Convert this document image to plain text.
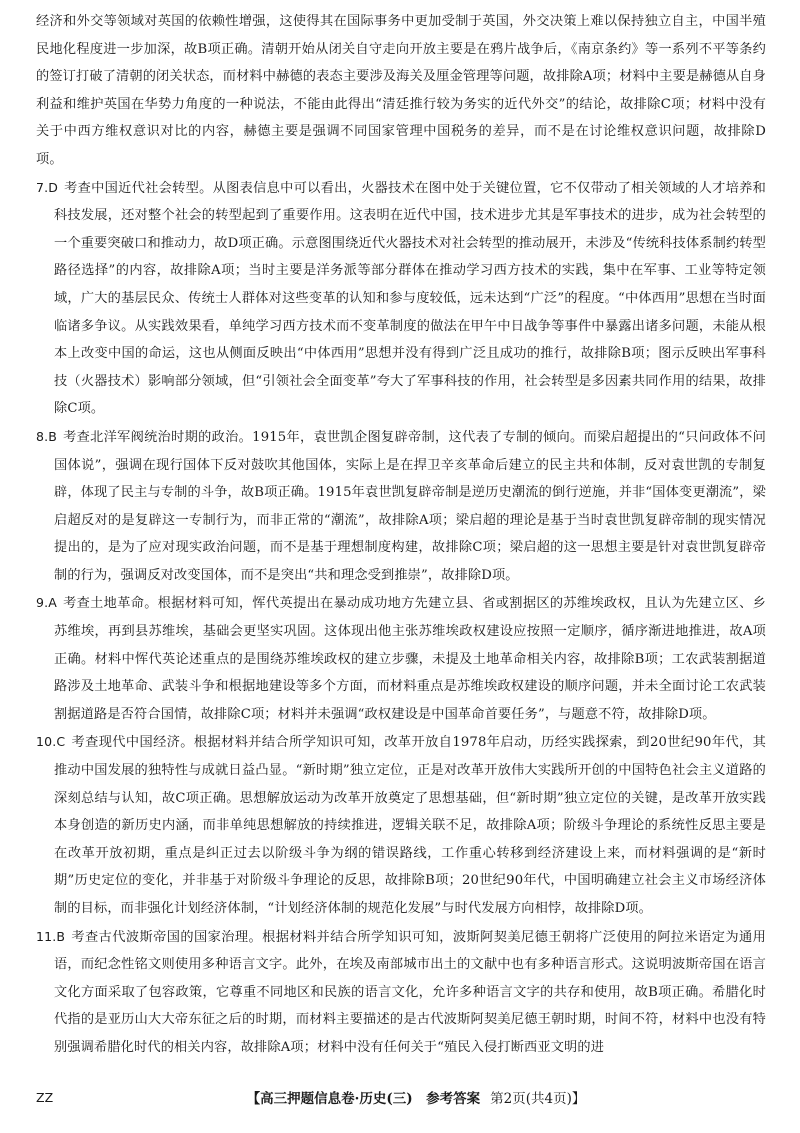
经济和外交等领域对英国的依赖性增强，这使得其在国际事务中更加受制于英国，外交决策上难以保持独立自主，中国半殖民地化程度进一步加深，故B项正确。清朝开始从闭关自守走向开放主要是在鸦片战争后，《南京条约》等一系列不平等条约的签订打破了清朝的闭关状态，而材料中赫德的表态主要涉及海关及厘金管理等问题，故排除A项；材料中主要是赫德从自身利益和维护英国在华势力角度的一种说法，不能由此得出“清廷推行较为务实的近代外交”的结论，故排除C项；材料中没有关于中西方维权意识对比的内容，赫德主要是强调不同国家管理中国税务的差异，而不是在讨论维权意识问题，故排除D项。

7.D 考查中国近代社会转型。从图表信息中可以看出，火器技术在图中处于关键位置，它不仅带动了相关领域的人才培养和科技发展，还对整个社会的转型起到了重要作用。这表明在近代中国，技术进步尤其是军事技术的进步，成为社会转型的一个重要突破口和推动力，故D项正确。示意图围绕近代火器技术对社会转型的推动展开，未涉及“传统科技体系制约转型路径选择”的内容，故排除A项；当时主要是洋务派等部分群体在推动学习西方技术的实践，集中在军事、工业等特定领域，广大的基层民众、传统士人群体对这些变革的认知和参与度较低，远未达到“广泛”的程度。“中体西用”思想在当时面临诸多争议。从实践效果看，单纯学习西方技术而不变革制度的做法在甲午中日战争等事件中暴露出诸多问题，未能从根本上改变中国的命运，这也从侧面反映出“中体西用”思想并没有得到广泛且成功的推行，故排除B项；图示反映出军事科技（火器技术）影响部分领域，但“引领社会全面变革”夸大了军事科技的作用，社会转型是多因素共同作用的结果，故排除C项。

8.B 考查北洋军阀统治时期的政治。1915年，袁世凯企图复辟帝制，这代表了专制的倾向。而梁启超提出的“只问政体不问国体说”，强调在现行国体下反对鼓吹其他国体，实际上是在捍卫辛亥革命后建立的民主共和体制，反对袁世凯的专制复辟，体现了民主与专制的斗争，故B项正确。1915年袁世凯复辟帝制是逆历史潮流的倒行逆施，并非“国体变更潮流”，梁启超反对的是复辟这一专制行为，而非正常的“潮流”，故排除A项；梁启超的理论是基于当时袁世凯复辟帝制的现实情况提出的，是为了应对现实政治问题，而不是基于理想制度构建，故排除C项；梁启超的这一思想主要是针对袁世凯复辟帝制的行为，强调反对改变国体，而不是突出“共和理念受到推崇”，故排除D项。

9.A 考查土地革命。根据材料可知，恽代英提出在暴动成功地方先建立县、省或割据区的苏维埃政权，且认为先建立区、乡苏维埃，再到县苏维埃，基础会更坚实巩固。这体现出他主张苏维埃政权建设应按照一定顺序，循序渐进地推进，故A项正确。材料中恽代英论述重点的是围绕苏维埃政权的建立步骤，未提及土地革命相关内容，故排除B项；工农武装割据道路涉及土地革命、武装斗争和根据地建设等多个方面，而材料重点是苏维埃政权建设的顺序问题，并未全面讨论工农武装割据道路是否符合国情，故排除C项；材料并未强调“政权建设是中国革命首要任务”，与题意不符，故排除D项。

10.C 考查现代中国经济。根据材料并结合所学知识可知，改革开放自1978年启动，历经实践探索，到20世纪90年代，其推动中国发展的独特性与成就日益凸显。“新时期”独立定位，正是对改革开放伟大实践所开创的中国特色社会主义道路的深刻总结与认知，故C项正确。思想解放运动为改革开放奠定了思想基础，但“新时期”独立定位的关键，是改革开放实践本身创造的新历史内涵，而非单纯思想解放的持续推进，逻辑关联不足，故排除A项；阶级斗争理论的系统性反思主要是在改革开放初期，重点是纠正过去以阶级斗争为纲的错误路线，工作重心转移到经济建设上来，而材料强调的是“新时期”历史定位的变化，并非基于对阶级斗争理论的反思，故排除B项；20世纪90年代，中国明确建立社会主义市场经济体制的目标，而非强化计划经济体制，“计划经济体制的规范化发展”与时代发展方向相悖，故排除D项。

11.B 考查古代波斯帝国的国家治理。根据材料并结合所学知识可知，波斯阿契美尼德王朝将广泛使用的阿拉米语定为通用语，而纪念性铭文则使用多种语言文字。此外，在埃及南部城市出土的文献中也有多种语言形式。这说明波斯帝国在语言文化方面采取了包容政策，它尊重不同地区和民族的语言文化，允许多种语言文字的共存和使用，故B项正确。希腊化时代指的是亚历山大大帝东征之后的时期，而材料主要描述的是古代波斯阿契美尼德王朝时期，时间不符，材料中也没有特别强调希腊化时代的相关内容，故排除A项；材料中没有任何关于“殖民入侵打断西亚文明的进

ZZ	【高三押题信息卷·历史(三)　参考答案 第2页(共4页)】
